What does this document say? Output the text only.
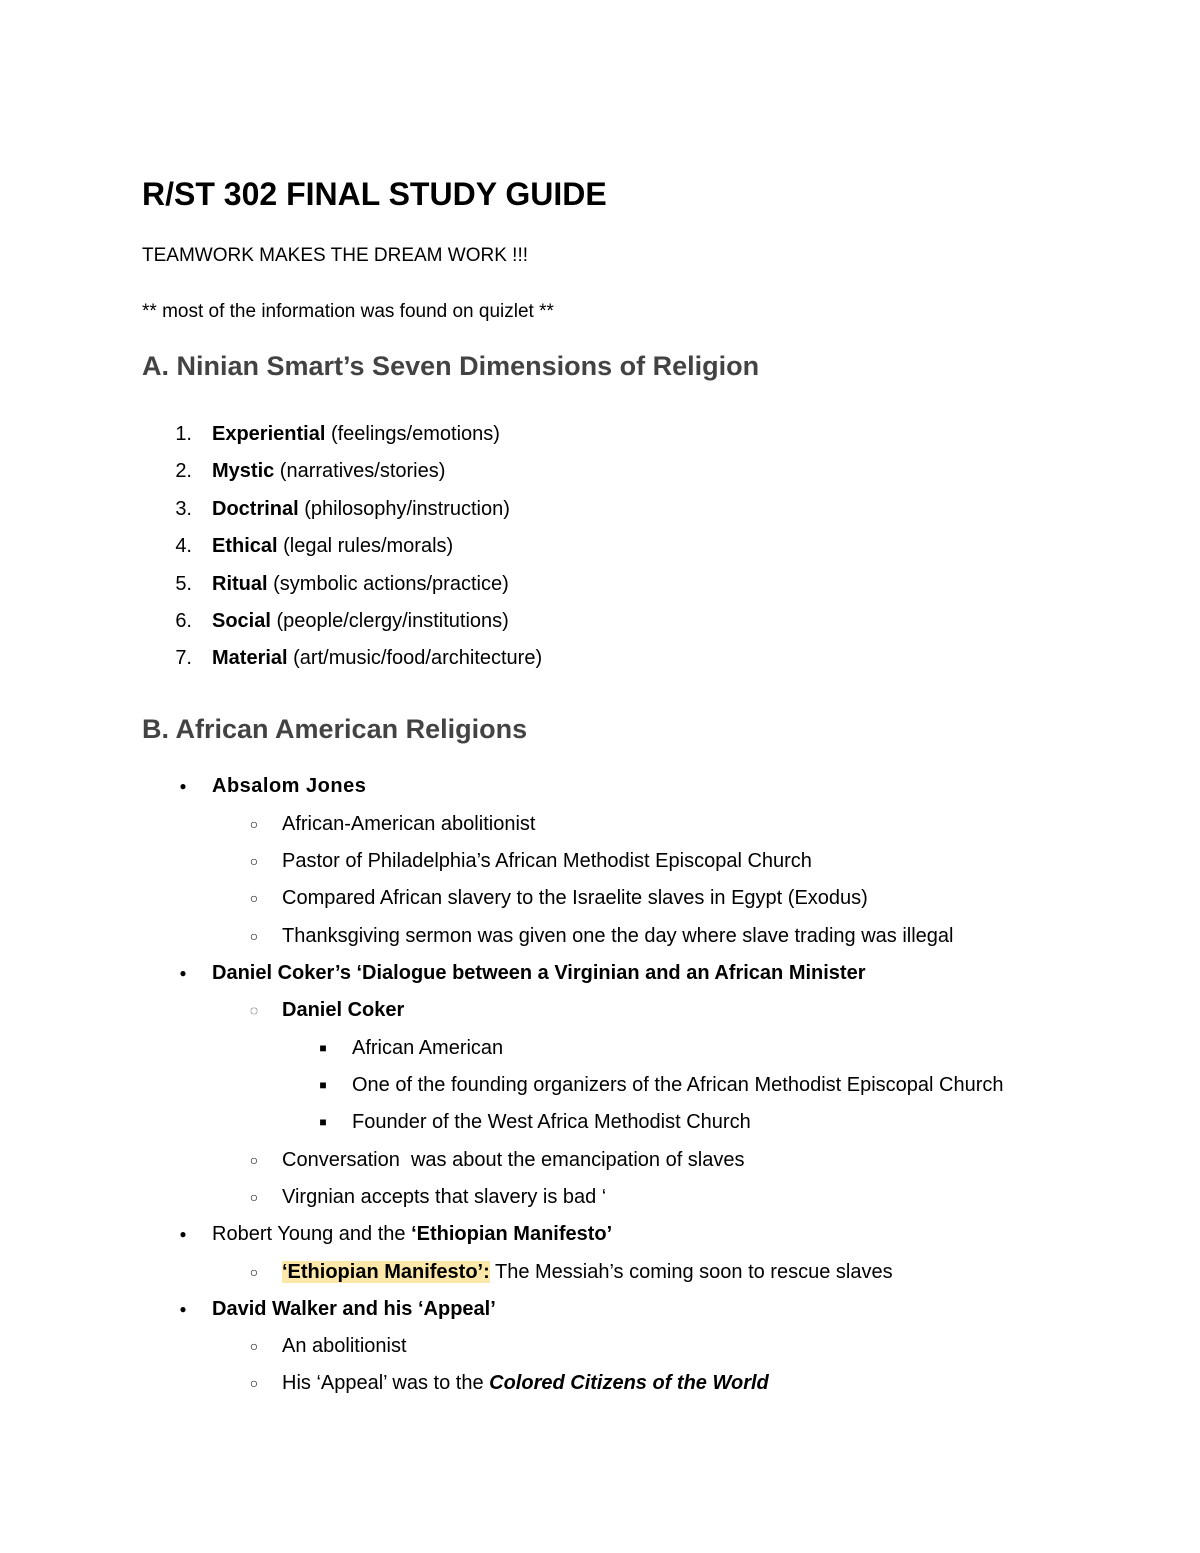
R/ST 302 FINAL STUDY GUIDE
TEAMWORK MAKES THE DREAM WORK !!!
** most of the information was found on quizlet **
A. Ninian Smart’s Seven Dimensions of Religion
1. Experiential (feelings/emotions)
2. Mystic (narratives/stories)
3. Doctrinal (philosophy/instruction)
4. Ethical (legal rules/morals)
5. Ritual (symbolic actions/practice)
6. Social (people/clergy/institutions)
7. Material (art/music/food/architecture)
B. African American Religions
●	Absalom Jones
○ African-American abolitionist
○ Pastor of Philadelphia’s African Methodist Episcopal Church
○ Compared African slavery to the Israelite slaves in Egypt (Exodus)
○ Thanksgiving sermon was given one the day where slave trading was illegal
●	Daniel Coker’s ‘Dialogue between a Virginian and an African Minister
◌ Daniel Coker
■	African American
■	One of the founding organizers of the African Methodist Episcopal Church
■	Founder of the West Africa Methodist Church
○ Conversation  was about the emancipation of slaves
○ Virgnian accepts that slavery is bad ‘
●	Robert Young and the ‘Ethiopian Manifesto’
○ ‘Ethiopian Manifesto’: The Messiah’s coming soon to rescue slaves
●	David Walker and his ‘Appeal’
○ An abolitionist
○ His ‘Appeal’ was to the Colored Citizens of the World
